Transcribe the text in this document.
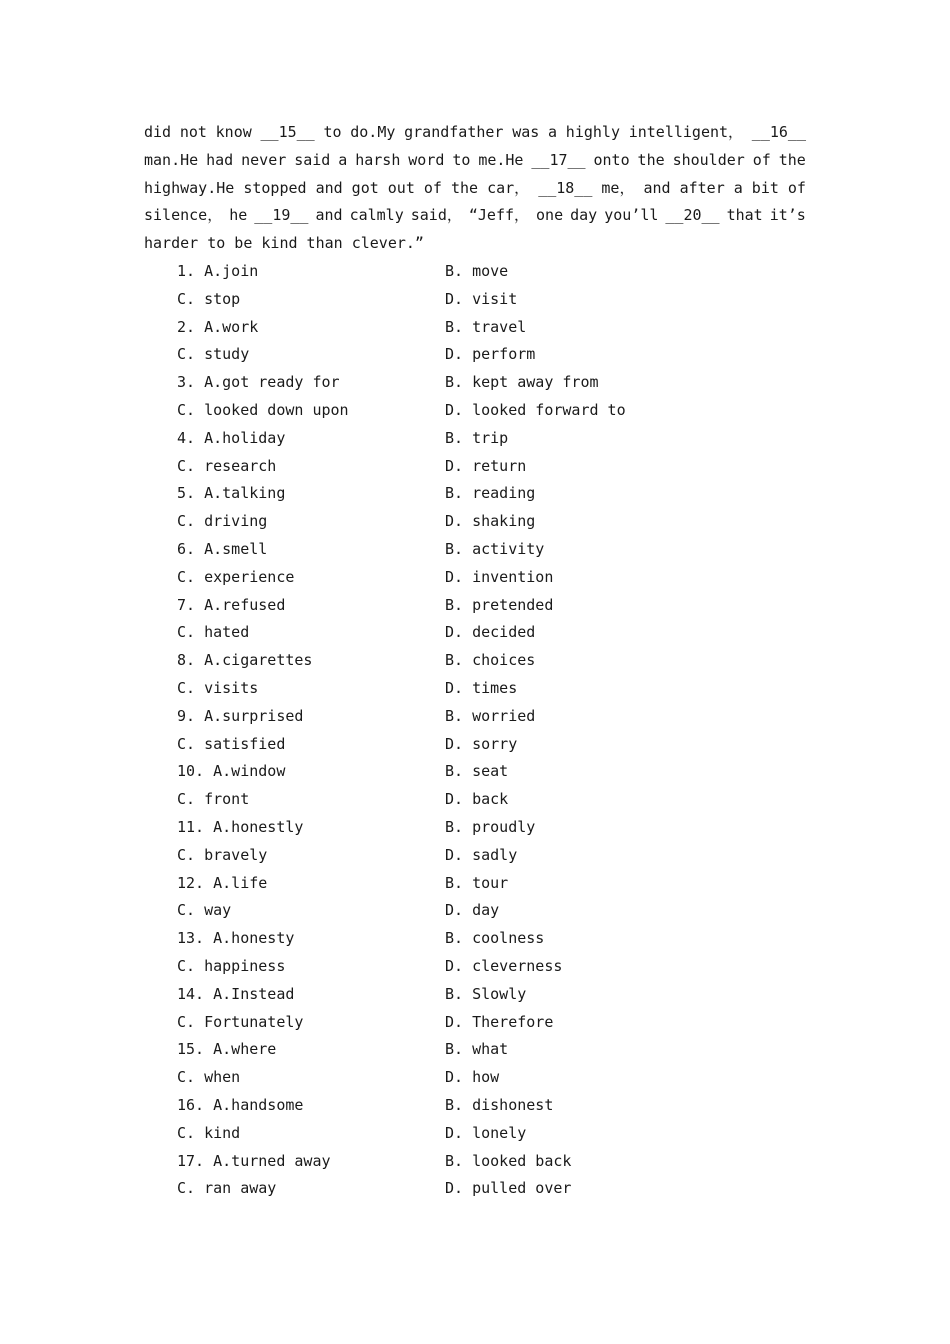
did not know __15__ to do.My grandfather was a highly intelligent， __16__
man.He had never said a harsh word to me.He __17__ onto the shoulder of the
highway.He stopped and got out of the car， __18__ me， and after a bit of
silence， he __19__ and calmly said， “Jeff， one day you’ll __20__ that it’s
harder to be kind than clever.”
1. A.join	B. move
C. stop	D. visit
2. A.work	B. travel
C. study	D. perform
3. A.got ready for	B. kept away from
C. looked down upon	D. looked forward to
4. A.holiday	B. trip
C. research	D. return
5. A.talking	B. reading
C. driving	D. shaking
6. A.smell	B. activity
C. experience	D. invention
7. A.refused	B. pretended
C. hated	D. decided
8. A.cigarettes	B. choices
C. visits	D. times
9. A.surprised	B. worried
C. satisfied	D. sorry
10. A.window	B. seat
C. front	D. back
11. A.honestly	B. proudly
C. bravely	D. sadly
12. A.life	B. tour
C. way	D. day
13. A.honesty	B. coolness
C. happiness	D. cleverness
14. A.Instead	B. Slowly
C. Fortunately	D. Therefore
15. A.where	B. what
C. when	D. how
16. A.handsome	B. dishonest
C. kind	D. lonely
17. A.turned away	B. looked back
C. ran away	D. pulled over
